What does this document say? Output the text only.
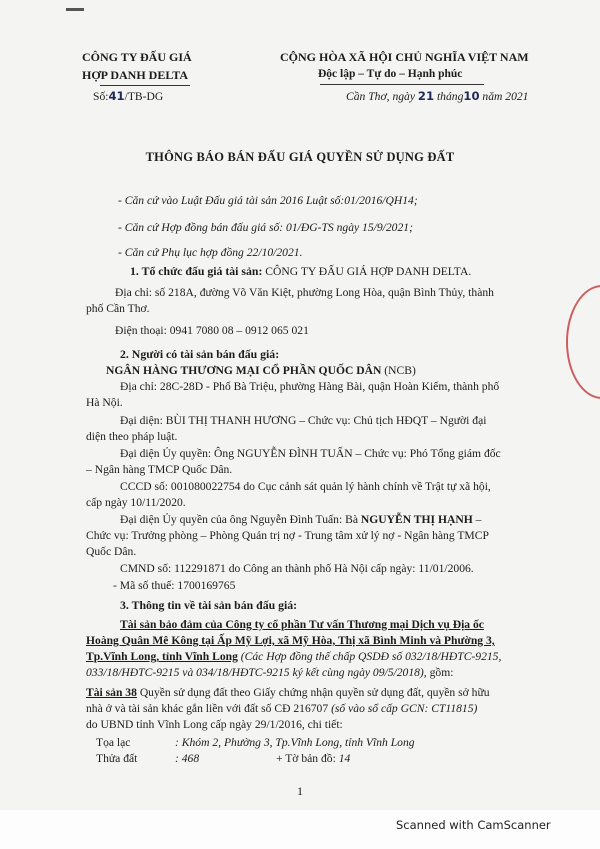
CÔNG TY ĐẤU GIÁ
HỢP DANH DELTA
Số:41/TB-DG
CỘNG HÒA XÃ HỘI CHỦ NGHĨA VIỆT NAM
Độc lập – Tự do – Hạnh phúc
Cần Thơ, ngày 21 tháng10 năm 2021
THÔNG BÁO BÁN ĐẤU GIÁ QUYỀN SỬ DỤNG ĐẤT
- Căn cứ vào Luật Đấu giá tài sản 2016 Luật số:01/2016/QH14;
- Căn cứ Hợp đồng bán đấu giá số: 01/ĐG-TS ngày 15/9/2021;
- Căn cứ Phụ lục hợp đồng 22/10/2021.
1. Tổ chức đấu giá tài sản: CÔNG TY ĐẤU GIÁ HỢP DANH DELTA.
Địa chỉ: số 218A, đường Võ Văn Kiệt, phường Long Hòa, quận Bình Thủy, thành
phố Cần Thơ.
Điện thoại: 0941 7080 08 – 0912 065 021
2. Người có tài sản bán đấu giá:
NGÂN HÀNG THƯƠNG MẠI CỔ PHẦN QUỐC DÂN (NCB)
Địa chỉ: 28C-28D - Phố Bà Triệu, phường Hàng Bài, quận Hoàn Kiếm, thành phố
Hà Nội.
Đại diện: BÙI THỊ THANH HƯƠNG – Chức vụ: Chủ tịch HĐQT – Người đại
diện theo pháp luật.
Đại diện Ủy quyền: Ông NGUYỄN ĐÌNH TUẤN – Chức vụ: Phó Tổng giám đốc
– Ngân hàng TMCP Quốc Dân.
CCCD số: 001080022754 do Cục cảnh sát quản lý hành chính về Trật tự xã hội,
cấp ngày 10/11/2020.
Đại diện Ủy quyền của ông Nguyễn Đình Tuấn: Bà NGUYỄN THỊ HẠNH –
Chức vụ: Trưởng phòng – Phòng Quản trị nợ - Trung tâm xử lý nợ - Ngân hàng TMCP
Quốc Dân.
CMND số: 112291871 do Công an thành phố Hà Nội cấp ngày: 11/01/2006.
- Mã số thuế: 1700169765
3. Thông tin về tài sản bán đấu giá:
Tài sản bảo đảm của Công ty cổ phần Tư vấn Thương mại Dịch vụ Địa ốc
Hoàng Quân Mê Kông tại Ấp Mỹ Lợi, xã Mỹ Hòa, Thị xã Bình Minh và Phường 3,
Tp.Vĩnh Long, tỉnh Vĩnh Long (Các Hợp đồng thế chấp QSDĐ số 032/18/HĐTC-9215,
033/18/HĐTC-9215 và 034/18/HĐTC-9215 ký kết cùng ngày 09/5/2018), gồm:
Tài sản 38 Quyền sử dụng đất theo Giấy chứng nhận quyền sử dụng đất, quyền sở hữu
nhà ở và tài sản khác gắn liền với đất số CĐ 216707 (số vào sổ cấp GCN: CT11815)
do UBND tỉnh Vĩnh Long cấp ngày 29/1/2016, chi tiết:
Tọa lạc	: Khóm 2, Phường 3, Tp.Vĩnh Long, tỉnh Vĩnh Long
Thửa đất	: 468	+ Tờ bản đồ: 14
1
Scanned with CamScanner
